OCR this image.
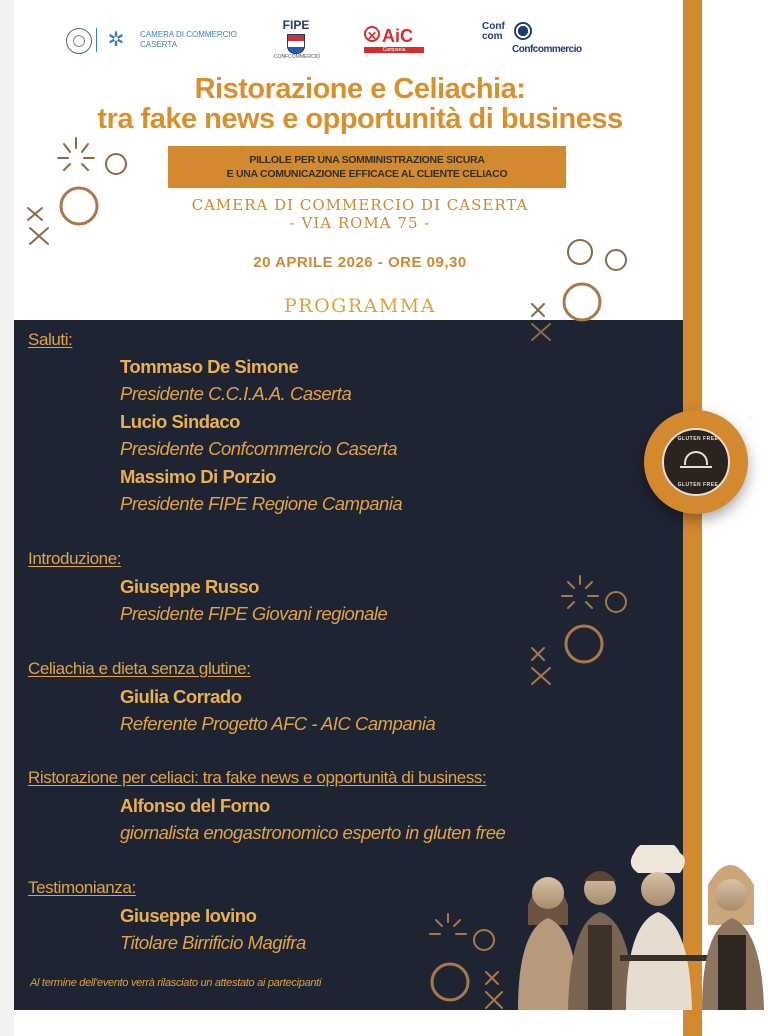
✲	CAMERA DI COMMERCIO
CASERTA
FIPE
CONFCOMMERCIO
✕ AiC
Campania
Conf
com
Confcommercio
Ristorazione e Celiachia:
tra fake news e opportunità di business
PILLOLE PER UNA SOMMINISTRAZIONE SICURA
E UNA COMUNICAZIONE EFFICACE AL CLIENTE CELIACO
CAMERA DI COMMERCIO DI CASERTA
- VIA ROMA 75 -
20 APRILE 2026 - ORE 09,30
PROGRAMMA
Saluti:
Tommaso De Simone
Presidente C.C.I.A.A. Caserta
Lucio Sindaco
Presidente Confcommercio Caserta
Massimo Di Porzio
Presidente FIPE Regione Campania
Introduzione:
Giuseppe Russo
Presidente FIPE Giovani regionale
Celiachia e dieta senza glutine:
Giulia Corrado
Referente Progetto AFC - AIC Campania
Ristorazione per celiaci: tra fake news e opportunità di business:
Alfonso del Forno
giornalista enogastronomico esperto in gluten free
Testimonianza:
Giuseppe Iovino
Titolare Birrificio Magifra
Al termine dell'evento verrà rilasciato un attestato ai partecipanti
GLUTEN FREE
GLUTEN FREE
